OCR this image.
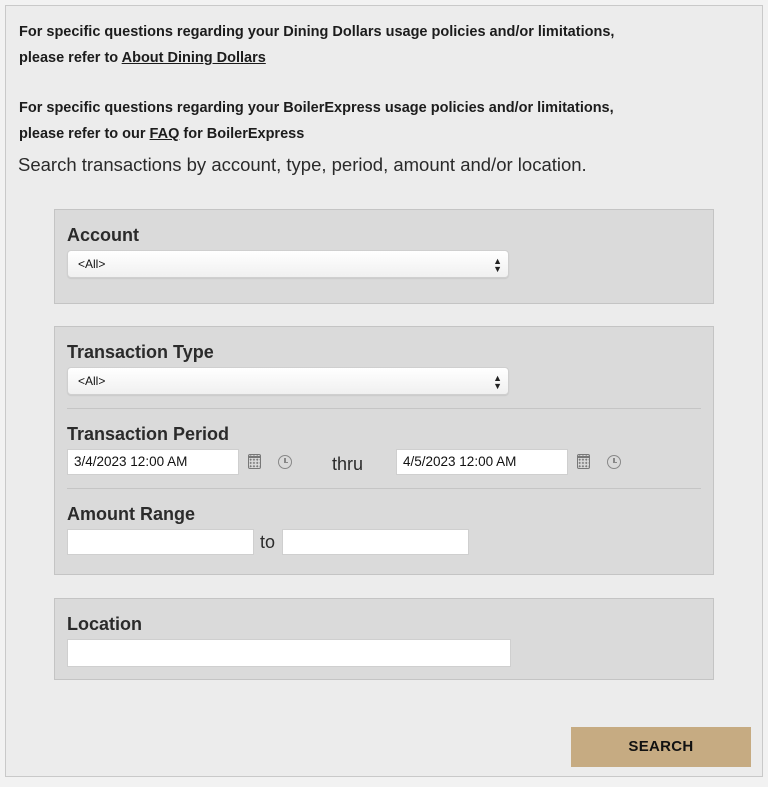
For specific questions regarding your Dining Dollars usage policies and/or limitations,
please refer to About Dining Dollars
For specific questions regarding your BoilerExpress usage policies and/or limitations,
please refer to our FAQ for BoilerExpress
Search transactions by account, type, period, amount and/or location.
Account
<All>	▲
▼
Transaction Type
<All>	▲
▼
Transaction Period
3/4/2023 12:00 AM	thru	4/5/2023 12:00 AM
Amount Range
to
Location
SEARCH
